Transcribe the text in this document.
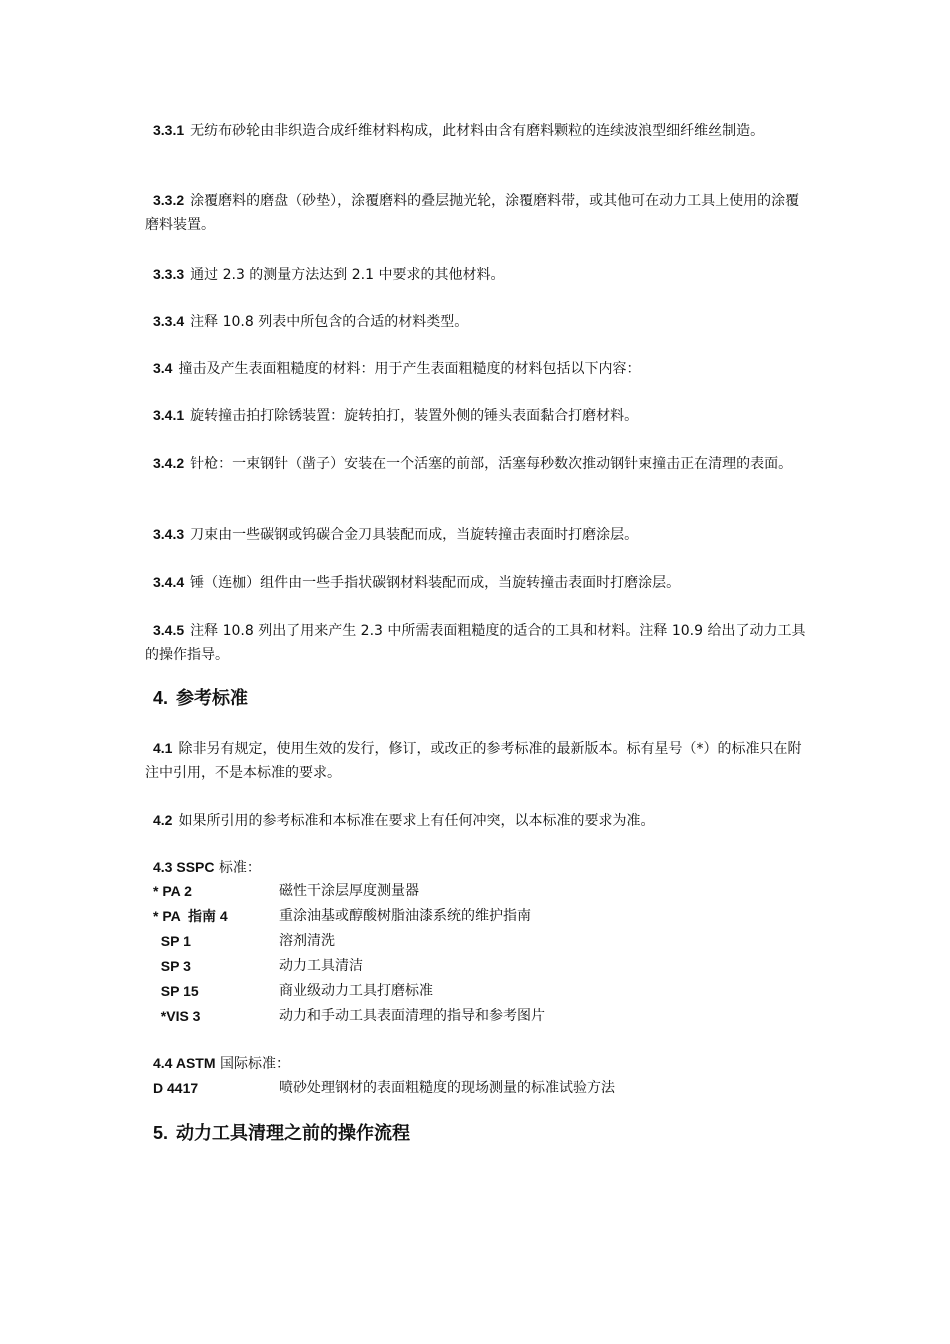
3.3.1 无纺布砂轮由非织造合成纤维材料构成，此材料由含有磨料颗粒的连续波浪型细纤维丝制造。

3.3.2 涂覆磨料的磨盘（砂垫），涂覆磨料的叠层抛光轮，涂覆磨料带，或其他可在动力工具上使用的涂覆磨料装置。

3.3.3 通过 2.3 的测量方法达到 2.1 中要求的其他材料。

3.3.4 注释 10.8 列表中所包含的合适的材料类型。

3.4 撞击及产生表面粗糙度的材料：用于产生表面粗糙度的材料包括以下内容：

3.4.1 旋转撞击拍打除锈装置：旋转拍打，装置外侧的锤头表面黏合打磨材料。

3.4.2 针枪：一束钢针（凿子）安装在一个活塞的前部，活塞每秒数次推动钢针束撞击正在清理的表面。

3.4.3 刀束由一些碳钢或钨碳合金刀具装配而成，当旋转撞击表面时打磨涂层。

3.4.4 锤（连枷）组件由一些手指状碳钢材料装配而成，当旋转撞击表面时打磨涂层。

3.4.5 注释 10.8 列出了用来产生 2.3 中所需表面粗糙度的适合的工具和材料。注释 10.9 给出了动力工具的操作指导。

4. 参考标准

4.1 除非另有规定，使用生效的发行，修订，或改正的参考标准的最新版本。标有星号（*）的标准只在附注中引用，不是本标准的要求。

4.2 如果所引用的参考标准和本标准在要求上有任何冲突，以本标准的要求为准。

4.3 SSPC 标准：
* PA 2	磁性干涂层厚度测量器
* PA  指南 4	重涂油基或醇酸树脂油漆系统的维护指南
SP 1	溶剂清洗
SP 3	动力工具清洁
SP 15	商业级动力工具打磨标准
*VIS 3	动力和手动工具表面清理的指导和参考图片
4.4 ASTM 国际标准：
D 4417	喷砂处理钢材的表面粗糙度的现场测量的标准试验方法
5. 动力工具清理之前的操作流程
